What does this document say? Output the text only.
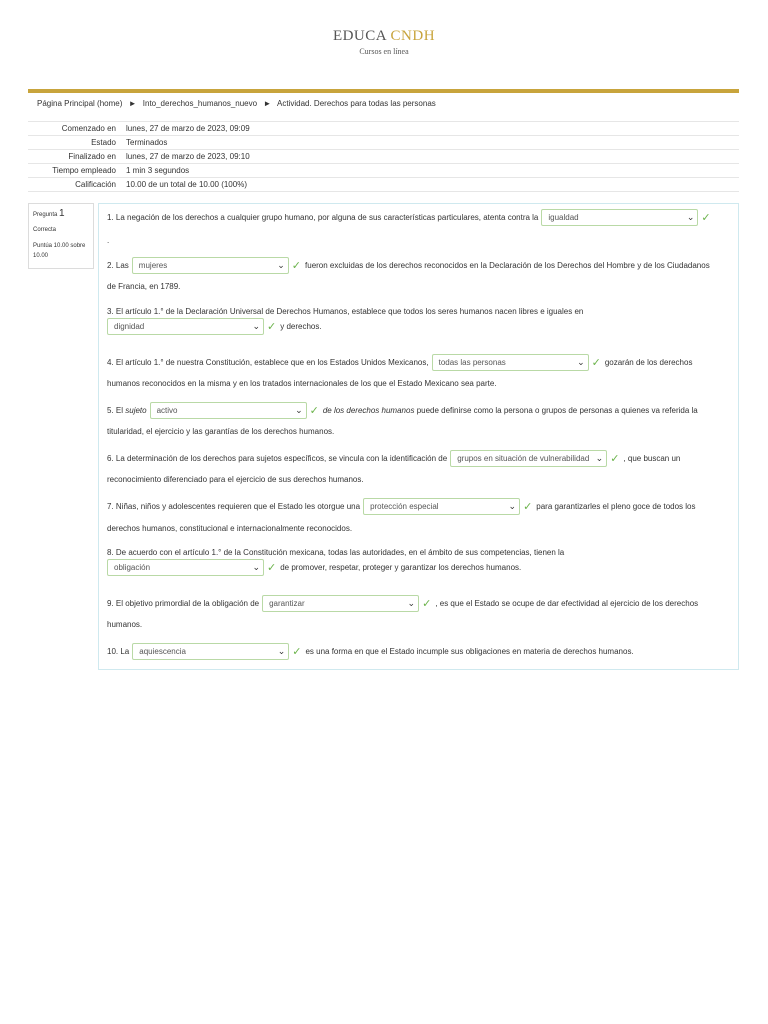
EDUCA CNDH
Cursos en línea
Página Principal (home) ► Into_derechos_humanos_nuevo ► Actividad. Derechos para todas las personas
Comenzado en	lunes, 27 de marzo de 2023, 09:09
Estado	Terminados
Finalizado en	lunes, 27 de marzo de 2023, 09:10
Tiempo empleado	1 min 3 segundos
Calificación	10.00 de un total de 10.00 (100%)
Pregunta 1
Correcta
Puntúa 10.00 sobre 10.00
1. La negación de los derechos a cualquier grupo humano, por alguna de sus características particulares, atenta contra la igualdad	⌄ ✓
.
2. Las mujeres	⌄ ✓ fueron excluidas de los derechos reconocidos en la Declaración de los Derechos del Hombre y de los Ciudadanos
de Francia, en 1789.
3. El artículo 1.° de la Declaración Universal de Derechos Humanos, establece que todos los seres humanos nacen libres e iguales en
dignidad	⌄ ✓ y derechos.
4. El artículo 1.° de nuestra Constitución, establece que en los Estados Unidos Mexicanos, todas las personas	⌄ ✓ gozarán de los derechos
humanos reconocidos en la misma y en los tratados internacionales de los que el Estado Mexicano sea parte.
5. El
sujeto activo	⌄ ✓ de los derechos humanos
puede definirse como la persona o grupos de personas a quienes va referida la
titularidad, el ejercicio y las garantías de los derechos humanos.
6. La determinación de los derechos para sujetos específicos, se vincula con la identificación de grupos en situación de vulnerabilidad ⌄ ✓ , que buscan un
reconocimiento diferenciado para el ejercicio de sus derechos humanos.
7. Niñas, niños y adolescentes requieren que el Estado les otorgue una protección especial	⌄ ✓ para garantizarles el pleno goce de todos los
derechos humanos, constitucional e internacionalmente reconocidos.
8. De acuerdo con el artículo 1.° de la Constitución mexicana, todas las autoridades, en el ámbito de sus competencias, tienen la
obligación	⌄ ✓ de promover, respetar, proteger y garantizar los derechos humanos.
9. El objetivo primordial de la obligación de garantizar	⌄ ✓ , es que el Estado se ocupe de dar efectividad al ejercicio de los derechos
humanos.
10. La aquiescencia	⌄ ✓ es una forma en que el Estado incumple sus obligaciones en materia de derechos humanos.
